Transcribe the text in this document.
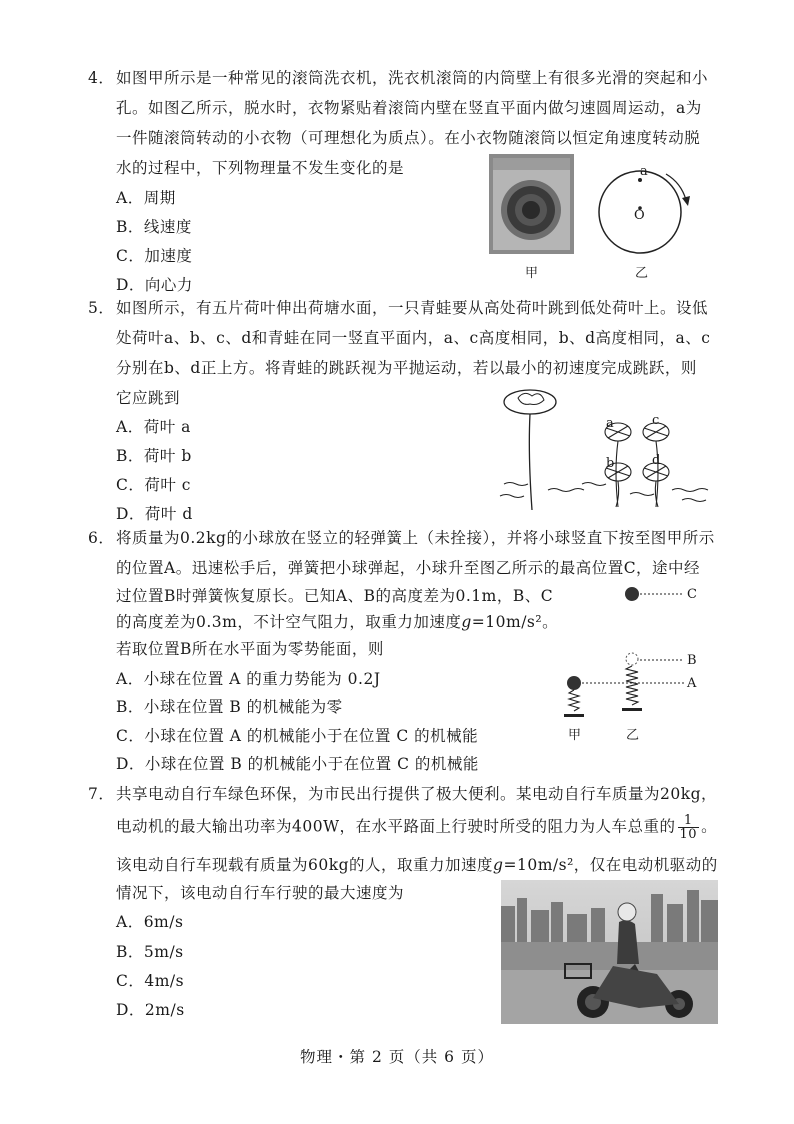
4． 如图甲所示是一种常见的滚筒洗衣机，洗衣机滚筒的内筒壁上有很多光滑的突起和小
孔。如图乙所示，脱水时，衣物紧贴着滚筒内壁在竖直平面内做匀速圆周运动，a为
一件随滚筒转动的小衣物（可理想化为质点）。在小衣物随滚筒以恒定角速度转动脱
水的过程中，下列物理量不发生变化的是
A．周期
B．线速度
C．加速度
D．向心力
甲
a
O
乙
5． 如图所示，有五片荷叶伸出荷塘水面，一只青蛙要从高处荷叶跳到低处荷叶上。设低
处荷叶a、b、c、d和青蛙在同一竖直平面内，a、c高度相同，b、d高度相同，a、c
分别在b、d正上方。将青蛙的跳跃视为平抛运动，若以最小的初速度完成跳跃，则
它应跳到
A．荷叶 a
B．荷叶 b
C．荷叶 c
D．荷叶 d
a
b
c
d
6． 将质量为0.2kg的小球放在竖立的轻弹簧上（未拴接），并将小球竖直下按至图甲所示
的位置A。迅速松手后，弹簧把小球弹起，小球升至图乙所示的最高位置C，途中经
过位置B时弹簧恢复原长。已知A、B的高度差为0.1m，B、C
的高度差为0.3m，不计空气阻力，取重力加速度g=10m/s²。
若取位置B所在水平面为零势能面，则
A．小球在位置 A 的重力势能为 0.2J
B．小球在位置 B 的机械能为零
C．小球在位置 A 的机械能小于在位置 C 的机械能
D．小球在位置 B 的机械能小于在位置 C 的机械能
C
B
A
甲	乙
7． 共享电动自行车绿色环保，为市民出行提供了极大便利。某电动自行车质量为20kg，
电动机的最大输出功率为400W，在水平路面上行驶时所受的阻力为人车总重的 $\frac{1}{10}$ 。
该电动自行车现载有质量为60kg的人，取重力加速度g=10m/s²，仅在电动机驱动的
情况下，该电动自行车行驶的最大速度为
A．6m/s
B．5m/s
C．4m/s
D．2m/s
物理・第 2 页（共 6 页）
